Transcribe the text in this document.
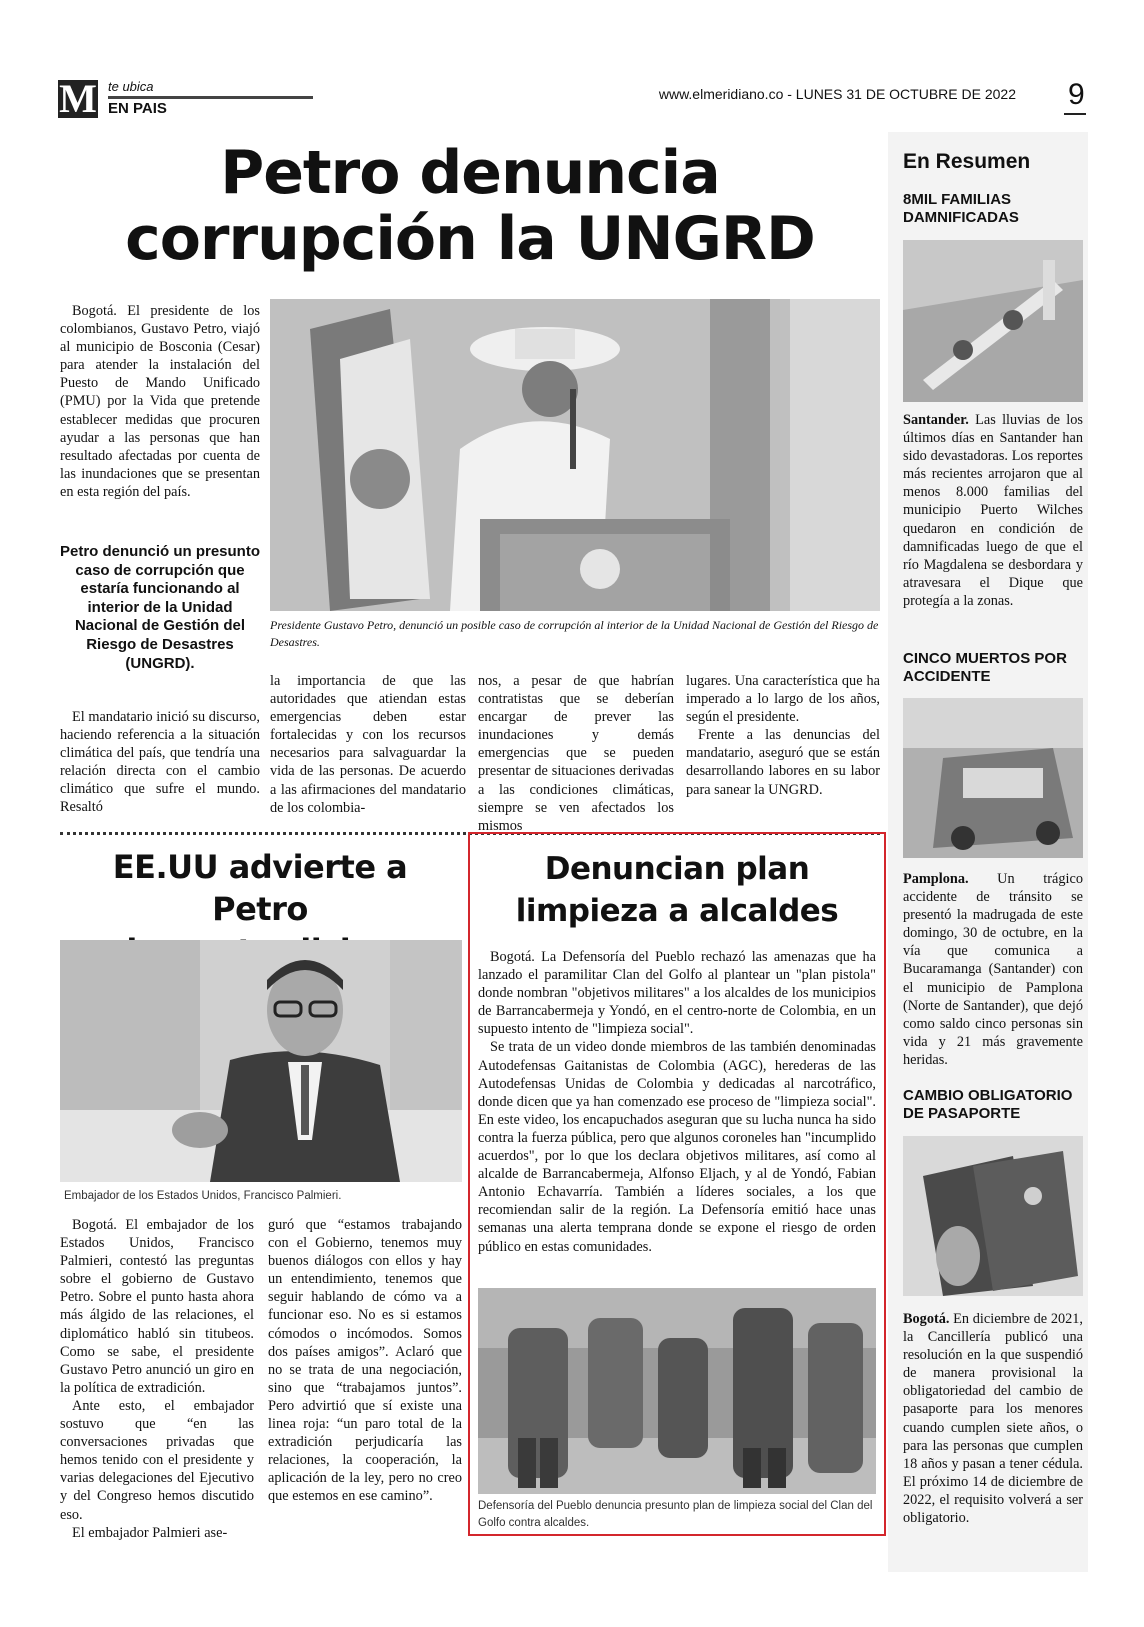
M te ubica
EN PAIS
www.elmeridiano.co - LUNES 31 DE OCTUBRE DE 2022 9
Petro denuncia
corrupción la UNGRD

Bogotá. El presidente de los colombianos, Gustavo Petro, viajó al municipio de Bosconia (Cesar) para atender la instalación del Puesto de Mando Unificado (PMU) por la Vida que pretende establecer medidas que procuren ayudar a las personas que han resultado afectadas por cuenta de las inundaciones que se presentan en esta región del país.

Petro denunció un presunto caso de corrupción que estaría funcionando al interior de la Unidad Nacional de Gestión del Riesgo de Desastres (UNGRD).

El mandatario inició su discurso, haciendo referencia a la situación climática del país, que tendría una relación directa con el cambio climático que sufre el mundo. Resaltó

Presidente Gustavo Petro, denunció un posible caso de corrupción al interior de la Unidad Nacional de Gestión del Riesgo de Desastres.

la importancia de que las autoridades que atiendan estas emergencias deben estar fortalecidas y con los recursos necesarios para salvaguardar la vida de las personas. De acuerdo a las afirmaciones del mandatario de los colombia-

nos, a pesar de que habrían contratistas que se deberían encargar de prever las inundaciones y demás emergencias que se pueden presentar de situaciones derivadas a las condiciones climáticas, siempre se ven afectados los mismos

lugares. Una característica que ha imperado a lo largo de los años, según el presidente.

Frente a las denuncias del mandatario, aseguró que se están desarrollando labores en su labor para sanear la UNGRD.

EE.UU advierte a Petro
Embajador de los Estados Unidos, Francisco Palmieri.

Bogotá. El embajador de los Estados Unidos, Francisco Palmieri, contestó las preguntas sobre el gobierno de Gustavo Petro. Sobre el punto hasta ahora más álgido de las relaciones, el diplomático habló sin titubeos. Como se sabe, el presidente Gustavo Petro anunció un giro en la política de extradición.

Ante esto, el embajador sostuvo que “en las conversaciones privadas que hemos tenido con el presidente y varias delegaciones del Ejecutivo y del Congreso hemos discutido eso.

El embajador Palmieri ase-

guró que “estamos trabajando con el Gobierno, tenemos muy buenos diálogos con ellos y hay un entendimiento, tenemos que seguir hablando de cómo va a funcionar eso. No es si estamos cómodos o incómodos. Somos dos países amigos”. Aclaró que no se trata de una negociación, sino que “trabajamos juntos”. Pero advirtió que sí existe una linea roja: “un paro total de la extradición perjudicaría las relaciones, la cooperación, la aplicación de la ley, pero no creo que estemos en ese camino”.

Denuncian plan
limpieza a alcaldes

Bogotá. La Defensoría del Pueblo rechazó las amenazas que ha lanzado el paramilitar Clan del Golfo al plantear un "plan pistola" donde nombran "objetivos militares" a los alcaldes de los municipios de Barrancabermeja y Yondó, en el centro-norte de Colombia, en un supuesto intento de "limpieza social".

Se trata de un video donde miembros de las también denominadas Autodefensas Gaitanistas de Colombia (AGC), herederas de las Autodefensas Unidas de Colombia y dedicadas al narcotráfico, donde dicen que ya han comenzado ese proceso de "limpieza social". En este video, los encapuchados aseguran que su lucha nunca ha sido contra la fuerza pública, pero que algunos coroneles han "incumplido acuerdos", por lo que los declara objetivos militares, así como al alcalde de Barrancabermeja, Alfonso Eljach, y al de Yondó, Fabian Antonio Echavarría. También a líderes sociales, a los que recomiendan salir de la región. La Defensoría emitió hace unas semanas una alerta temprana donde se expone el riesgo de orden público en estas comunidades.

Defensoría del Pueblo denuncia presunto plan de limpieza social del Clan del Golfo contra alcaldes.
En Resumen
8MIL FAMILIAS DAMNIFICADAS
Santander. Las lluvias de los últimos días en Santander han sido devastadoras. Los reportes más recientes arrojaron que al menos 8.000 familias del municipio Puerto Wilches quedaron en condición de damnificadas luego de que el río Magdalena se desbordara y atravesara el Dique que protegía a la zonas.
CINCO MUERTOS POR ACCIDENTE
Pamplona. Un trágico accidente de tránsito se presentó la madrugada de este domingo, 30 de octubre, en la vía que comunica a Bucaramanga (Santander) con el municipio de Pamplona (Norte de Santander), que dejó como saldo cinco personas sin vida y 21 más gravemente heridas.
CAMBIO OBLIGATORIO DE PASAPORTE
Bogotá. En diciembre de 2021, la Cancillería publicó una resolución en la que suspendió de manera provisional la obligatoriedad del cambio de pasaporte para los menores cuando cumplen siete años, o para las personas que cumplen 18 años y pasan a tener cédula. El próximo 14 de diciembre de 2022, el requisito volverá a ser obligatorio.
